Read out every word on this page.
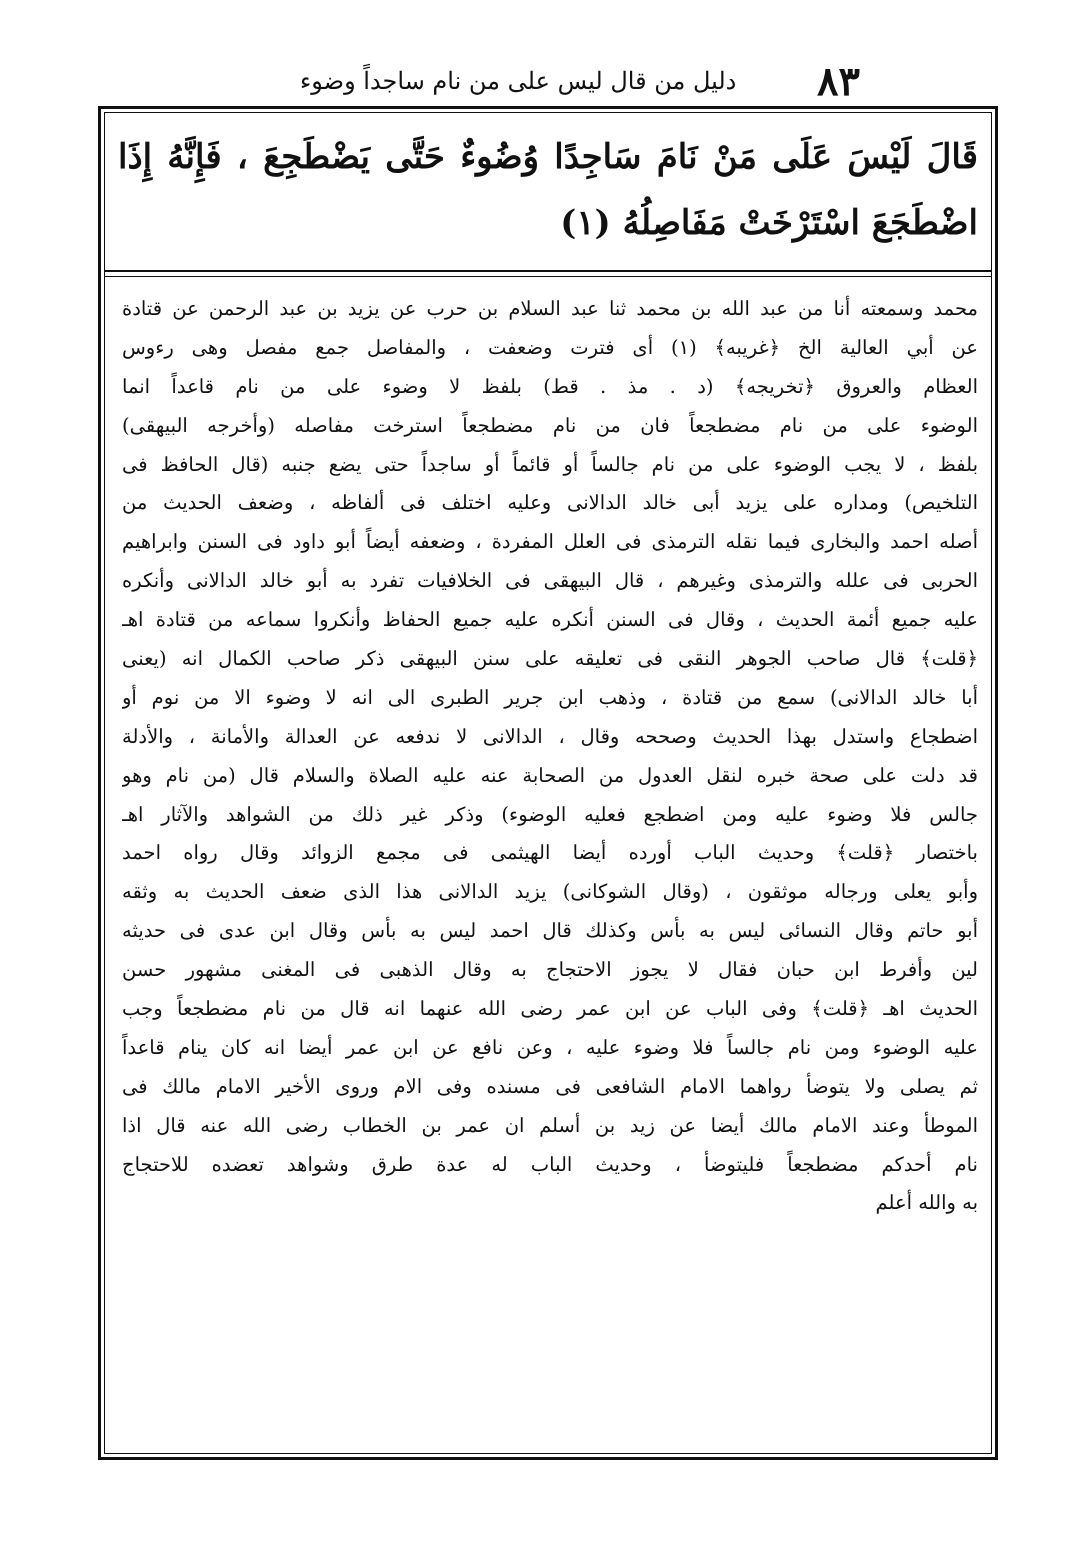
٨٣
دليل من قال ليس على من نام ساجداً وضوء
قَالَ لَيْسَ عَلَى مَنْ نَامَ سَاجِدًا وُضُوءٌ حَتَّى يَضْطَجِعَ ، فَإِنَّهُ إِذَا اضْطَجَعَ اسْتَرْخَتْ مَفَاصِلُهُ (١)
محمد وسمعته أنا من عبد الله بن محمد ثنا عبد السلام بن حرب عن يزيد بن عبد الرحمن عن قتادة
عن أبي العالية الخ ﴿غريبه﴾ (١) أى فترت وضعفت ، والمفاصل جمع مفصل وهى رءوس
العظام والعروق ﴿تخريجه﴾ (د . مذ . قط) بلفظ لا وضوء على من نام قاعداً انما
الوضوء على من نام مضطجعاً فان من نام مضطجعاً استرخت مفاصله (وأخرجه البيهقى)
بلفظ ، لا يجب الوضوء على من نام جالساً أو قائماً أو ساجداً حتى يضع جنبه (قال الحافظ فى
التلخيص) ومداره على يزيد أبى خالد الدالانى وعليه اختلف فى ألفاظه ، وضعف الحديث من
أصله احمد والبخارى فيما نقله الترمذى فى العلل المفردة ، وضعفه أيضاً أبو داود فى السنن وابراهيم
الحربى فى علله والترمذى وغيرهم ، قال البيهقى فى الخلافيات تفرد به أبو خالد الدالانى وأنكره
عليه جميع أئمة الحديث ، وقال فى السنن أنكره عليه جميع الحفاظ وأنكروا سماعه من قتادة اهـ
﴿قلت﴾ قال صاحب الجوهر النقى فى تعليقه على سنن البيهقى ذكر صاحب الكمال انه (يعنى
أبا خالد الدالانى) سمع من قتادة ، وذهب ابن جرير الطبرى الى انه لا وضوء الا من نوم أو
اضطجاع واستدل بهذا الحديث وصححه وقال ، الدالانى لا ندفعه عن العدالة والأمانة ، والأدلة
قد دلت على صحة خبره لنقل العدول من الصحابة عنه عليه الصلاة والسلام قال (من نام وهو
جالس فلا وضوء عليه ومن اضطجع فعليه الوضوء) وذكر غير ذلك من الشواهد والآثار اهـ
باختصار ﴿قلت﴾ وحديث الباب أورده أيضا الهيثمى فى مجمع الزوائد وقال رواه احمد
وأبو يعلى ورجاله موثقون ، (وقال الشوكانى) يزيد الدالانى هذا الذى ضعف الحديث به وثقه
أبو حاتم وقال النسائى ليس به بأس وكذلك قال احمد ليس به بأس وقال ابن عدى فى حديثه
لين وأفرط ابن حبان فقال لا يجوز الاحتجاج به وقال الذهبى فى المغنى مشهور حسن
الحديث اهـ ﴿قلت﴾ وفى الباب عن ابن عمر رضى الله عنهما انه قال من نام مضطجعاً وجب
عليه الوضوء ومن نام جالساً فلا وضوء عليه ، وعن نافع عن ابن عمر أيضا انه كان ينام قاعداً
ثم يصلى ولا يتوضأ رواهما الامام الشافعى فى مسنده وفى الام وروى الأخير الامام مالك فى
الموطأ وعند الامام مالك أيضا عن زيد بن أسلم ان عمر بن الخطاب رضى الله عنه قال اذا
نام أحدكم مضطجعاً فليتوضأ ، وحديث الباب له عدة طرق وشواهد تعضده للاحتجاج
به والله أعلم
